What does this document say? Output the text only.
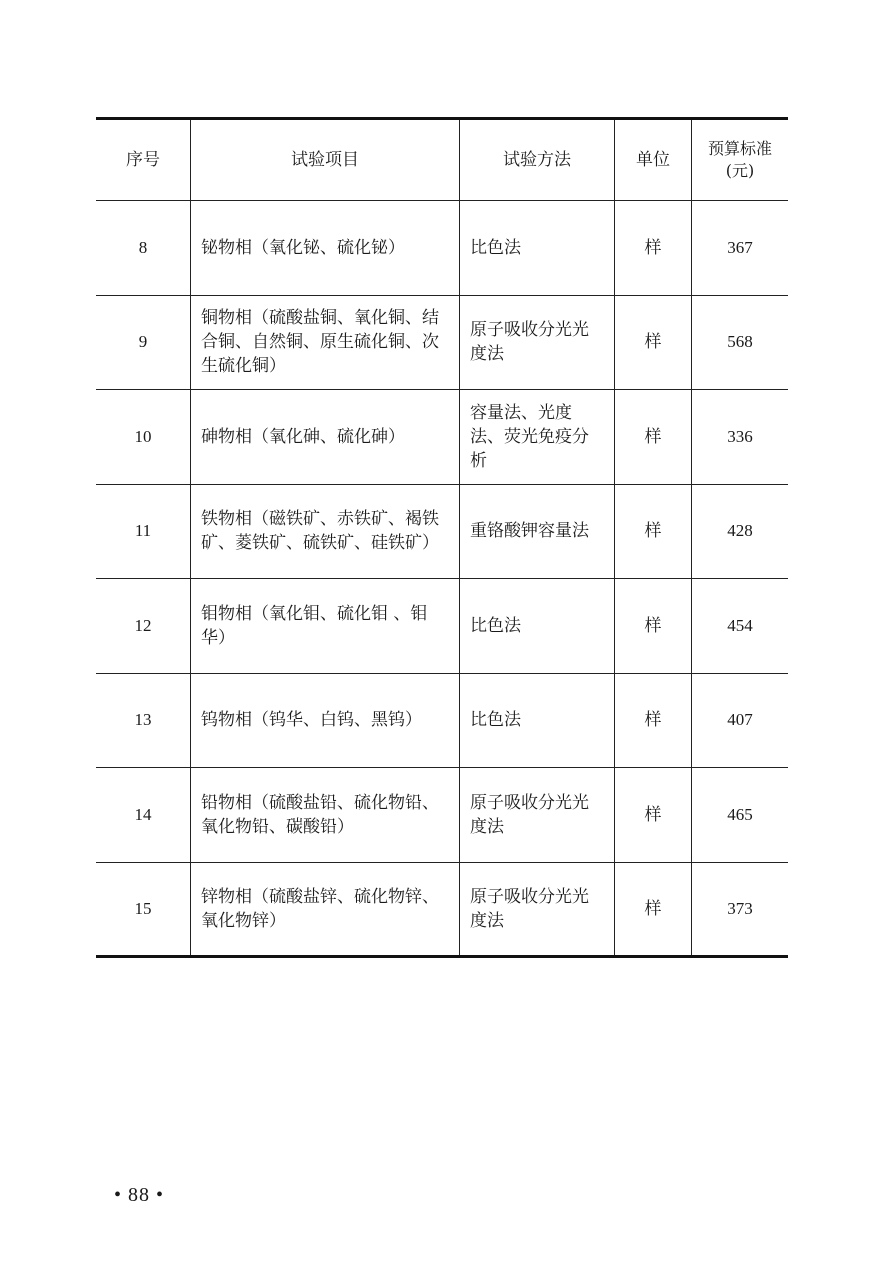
序号	试验项目	试验方法	单位	预算标准
(元)

8	铋物相（氧化铋、硫化铋）	比色法	样	367
9	铜物相（硫酸盐铜、氧化铜、结合铜、自然铜、原生硫化铜、次生硫化铜）	原子吸收分光光度法	样	568
10	砷物相（氧化砷、硫化砷）	容量法、光度法、荧光免疫分析	样	336
11	铁物相（磁铁矿、赤铁矿、褐铁矿、菱铁矿、硫铁矿、硅铁矿）	重铬酸钾容量法	样	428
12	钼物相（氧化钼、硫化钼 、钼华）	比色法	样	454
13	钨物相（钨华、白钨、黑钨）	比色法	样	407
14	铅物相（硫酸盐铅、硫化物铅、氧化物铅、碳酸铅）	原子吸收分光光度法	样	465
15	锌物相（硫酸盐锌、硫化物锌、氧化物锌）	原子吸收分光光度法	样	373
• 88 •
